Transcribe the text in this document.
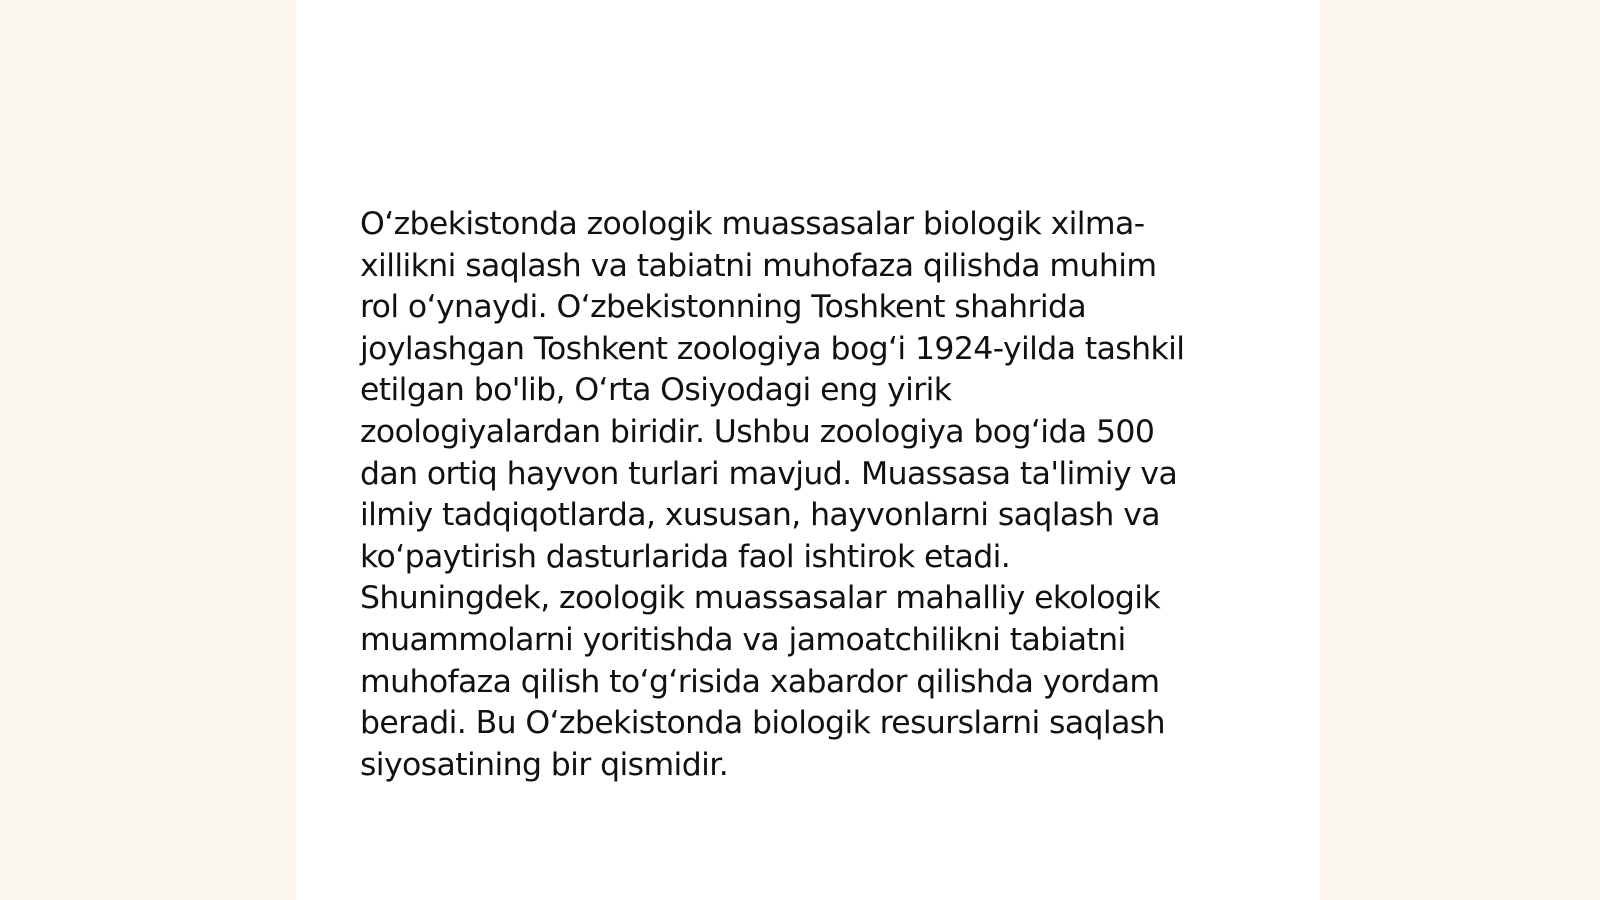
O‘zbekistonda zoologik muassasalar biologik xilma-
xillikni saqlash va tabiatni muhofaza qilishda muhim
rol o‘ynaydi. O‘zbekistonning Toshkent shahrida
joylashgan Toshkent zoologiya bog‘i 1924-yilda tashkil
etilgan bo'lib, O‘rta Osiyodagi eng yirik
zoologiyalardan biridir. Ushbu zoologiya bog‘ida 500
dan ortiq hayvon turlari mavjud. Muassasa ta'limiy va
ilmiy tadqiqotlarda, xususan, hayvonlarni saqlash va
ko‘paytirish dasturlarida faol ishtirok etadi.
Shuningdek, zoologik muassasalar mahalliy ekologik
muammolarni yoritishda va jamoatchilikni tabiatni
muhofaza qilish to‘g‘risida xabardor qilishda yordam
beradi. Bu O‘zbekistonda biologik resurslarni saqlash
siyosatining bir qismidir.
